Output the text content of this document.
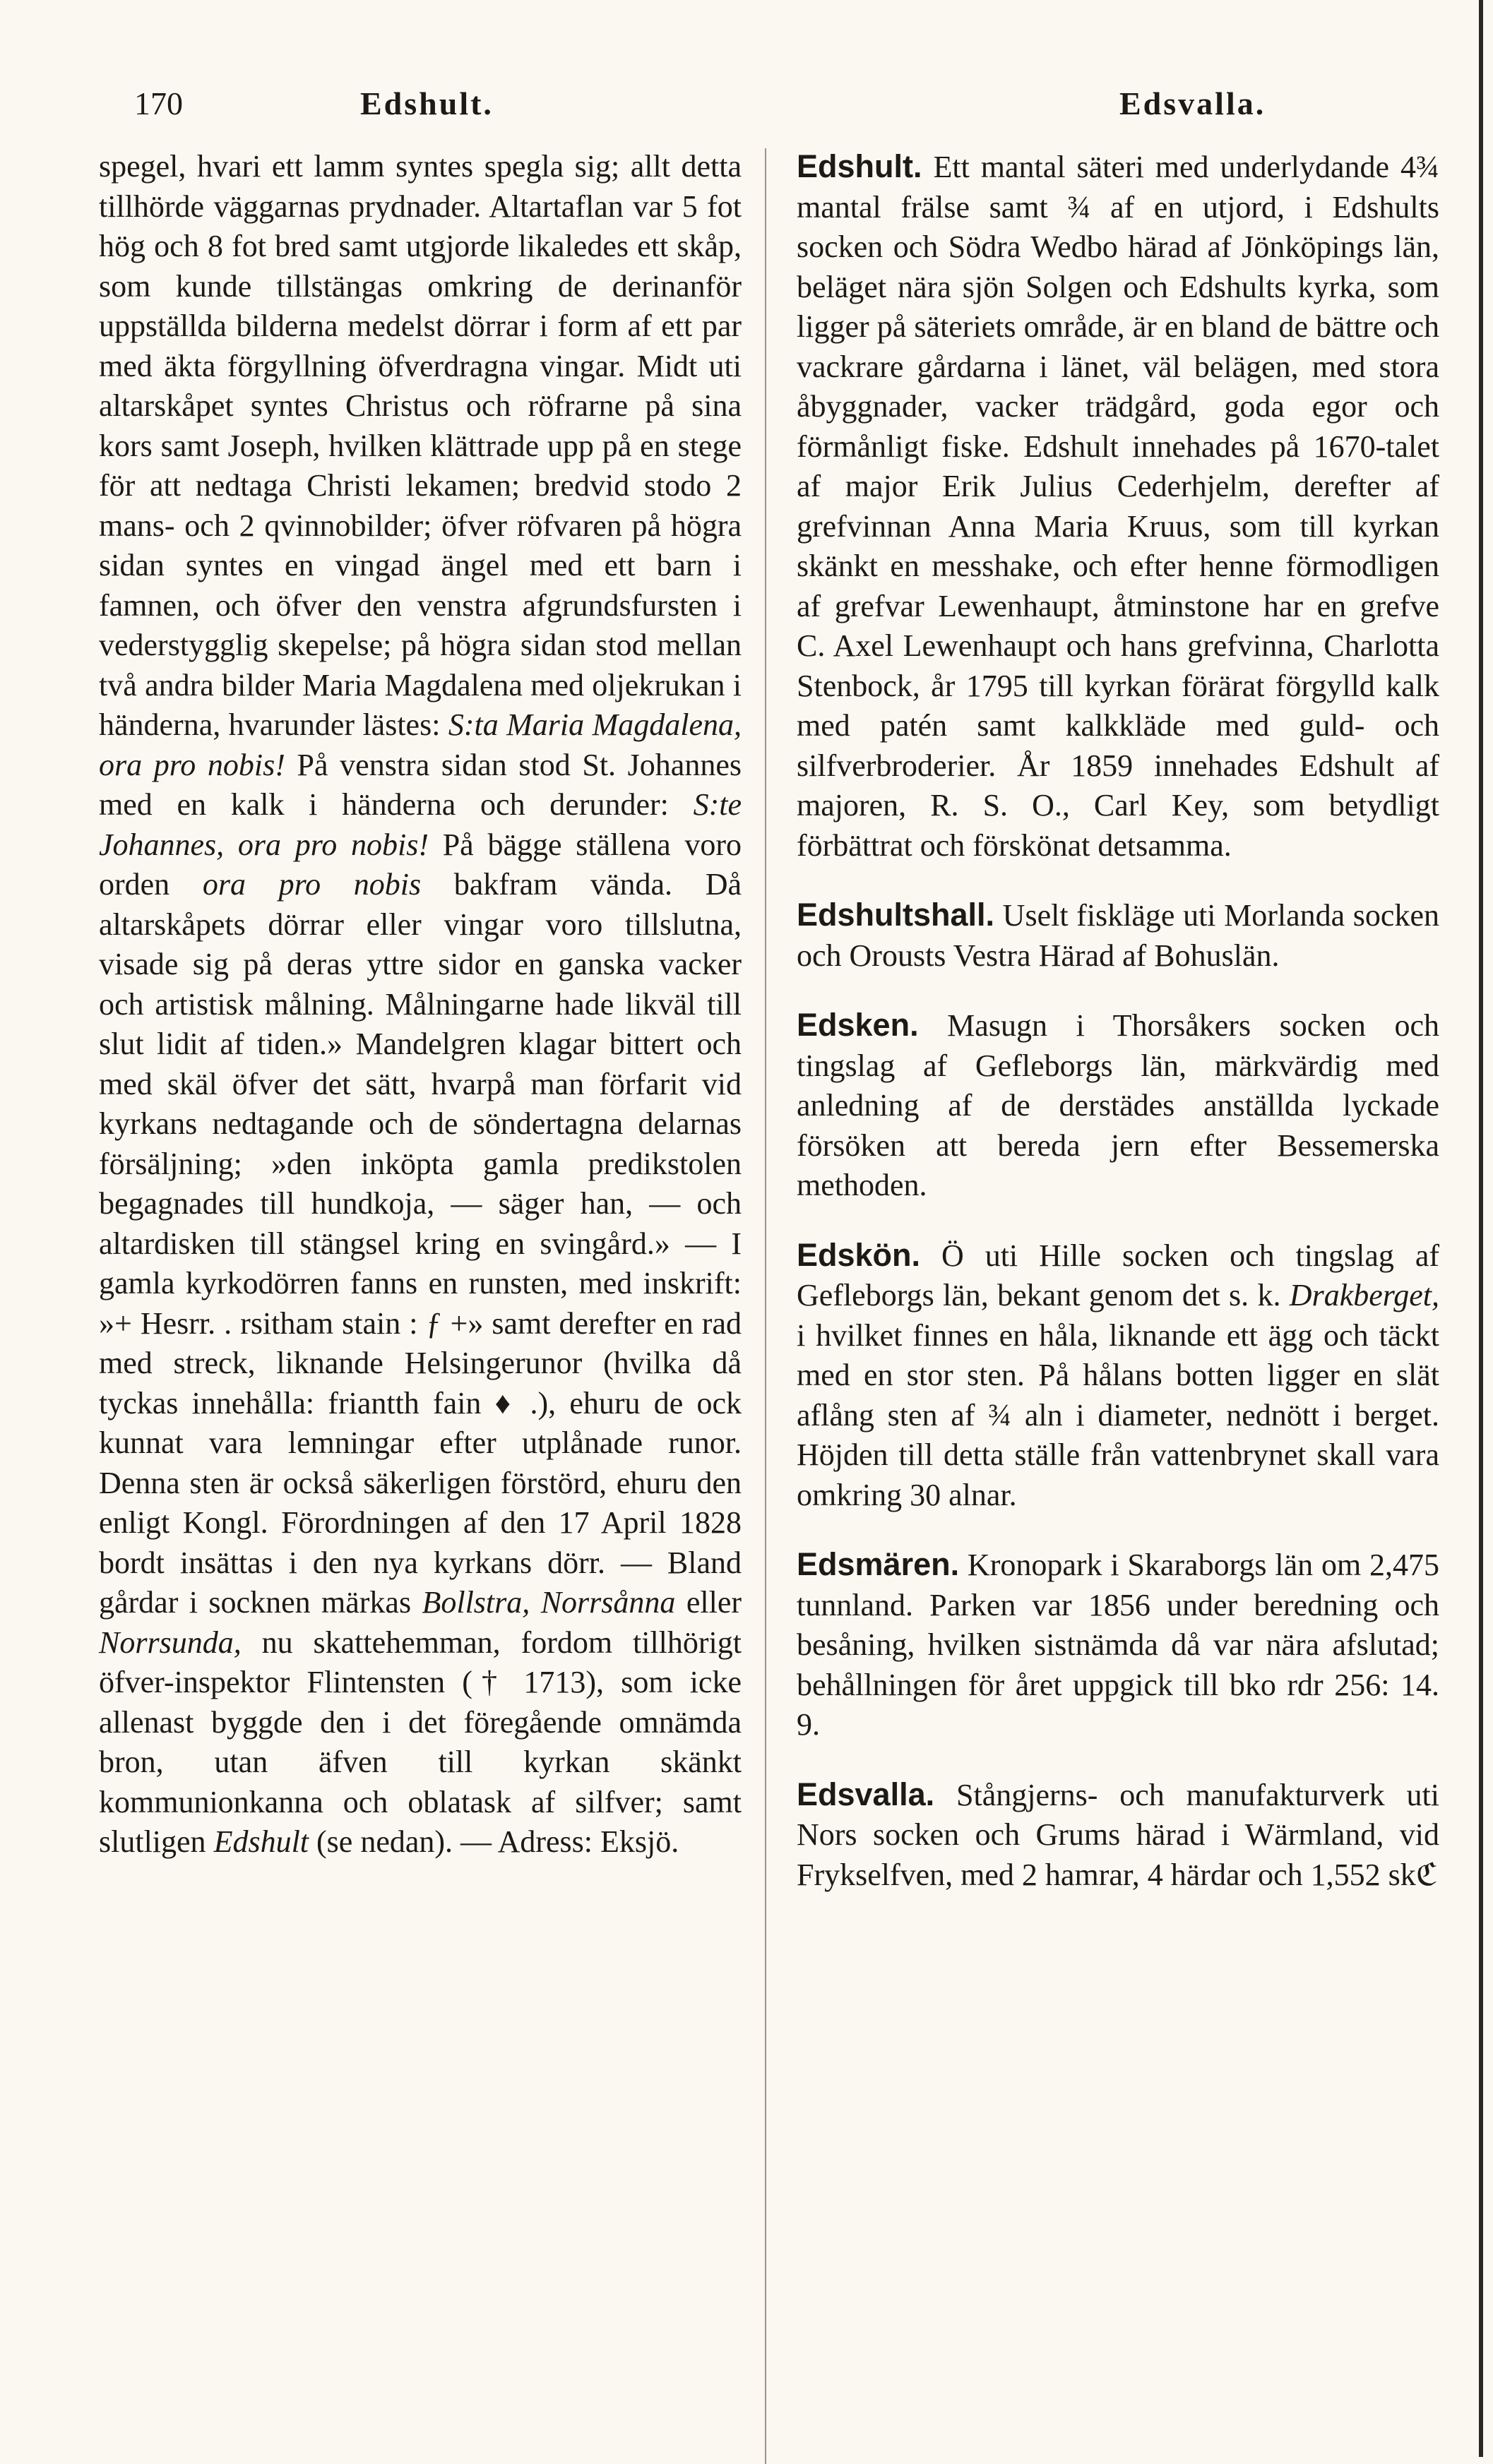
170	Edshult.	Edsvalla.

spegel, hvari ett lamm syntes spegla sig; allt detta tillhörde väggarnas prydnader. Altartaflan var 5 fot hög och 8 fot bred samt utgjorde likaledes ett skåp, som kunde tillstängas omkring de derinanför uppställda bilderna medelst dörrar i form af ett par med äkta förgyllning öfverdragna vingar. Midt uti altarskåpet syntes Christus och röfrarne på sina kors samt Joseph, hvilken klättrade upp på en stege för att nedtaga Christi lekamen; bredvid stodo 2 mans- och 2 qvinnobilder; öfver röfvaren på högra sidan syntes en vingad ängel med ett barn i famnen, och öfver den venstra afgrundsfursten i vederstygglig skepelse; på högra sidan stod mellan två andra bilder Maria Magdalena med oljekrukan i händerna, hvarunder lästes: S:ta Maria Magdalena, ora pro nobis! På venstra sidan stod St. Johannes med en kalk i händerna och derunder: S:te Johannes, ora pro nobis! På bägge ställena voro orden ora pro nobis bakfram vända. Då altarskåpets dörrar eller vingar voro tillslutna, visade sig på deras yttre sidor en ganska vacker och artistisk målning. Målningarne hade likväl till slut lidit af tiden.» Mandelgren klagar bittert och med skäl öfver det sätt, hvarpå man förfarit vid kyrkans nedtagande och de söndertagna delarnas försäljning; »den inköpta gamla predikstolen begagnades till hundkoja, — säger han, — och altardisken till stängsel kring en svingård.» — I gamla kyrkodörren fanns en runsten, med inskrift: »+ Hesrr. . rsitham stain : ƒ +» samt derefter en rad med streck, liknande Helsingerunor (hvilka då tyckas innehålla: friantth fain ♦ .), ehuru de ock kunnat vara lemningar efter utplånade runor. Denna sten är också säkerligen förstörd, ehuru den enligt Kongl. Förordningen af den 17 April 1828 bordt insättas i den nya kyrkans dörr. — Bland gårdar i socknen märkas Bollstra, Norrsånna eller Norrsunda, nu skattehemman, fordom tillhörigt öfver-inspektor Flintensten († 1713), som icke allenast byggde den i det föregående omnämda bron, utan äfven till kyrkan skänkt kommunionkanna och oblatask af silfver; samt slutligen Edshult (se nedan). — Adress: Eksjö.

Edshult. Ett mantal säteri med underlydande 4¾ mantal frälse samt ¾ af en utjord, i Edshults socken och Södra Wedbo härad af Jönköpings län, beläget nära sjön Solgen och Edshults kyrka, som ligger på säteriets område, är en bland de bättre och vackrare gårdarna i länet, väl belägen, med stora åbyggnader, vacker trädgård, goda egor och förmånligt fiske. Edshult innehades på 1670-talet af major Erik Julius Cederhjelm, derefter af grefvinnan Anna Maria Kruus, som till kyrkan skänkt en messhake, och efter henne förmodligen af grefvar Lewenhaupt, åtminstone har en grefve C. Axel Lewenhaupt och hans grefvinna, Charlotta Stenbock, år 1795 till kyrkan förärat förgylld kalk med patén samt kalkkläde med guld- och silfverbroderier. År 1859 innehades Edshult af majoren, R. S. O., Carl Key, som betydligt förbättrat och förskönat detsamma.

Edshultshall. Uselt fiskläge uti Morlanda socken och Orousts Vestra Härad af Bohuslän.

Edsken. Masugn i Thorsåkers socken och tingslag af Gefleborgs län, märkvärdig med anledning af de derstädes anställda lyckade försöken att bereda jern efter Bessemerska methoden.

Edskön. Ö uti Hille socken och tingslag af Gefleborgs län, bekant genom det s. k. Drakberget, i hvilket finnes en håla, liknande ett ägg och täckt med en stor sten. På hålans botten ligger en slät aflång sten af ¾ aln i diameter, nednött i berget. Höjden till detta ställe från vattenbrynet skall vara omkring 30 alnar.

Edsmären. Kronopark i Skaraborgs län om 2,475 tunnland. Parken var 1856 under beredning och besåning, hvilken sistnämda då var nära afslutad; behållningen för året uppgick till bko rdr 256: 14. 9.

Edsvalla. Stångjerns- och manufakturverk uti Nors socken och Grums härad i Wärmland, vid Frykselfven, med 2 hamrar, 4 härdar och 1,552 skℭ
